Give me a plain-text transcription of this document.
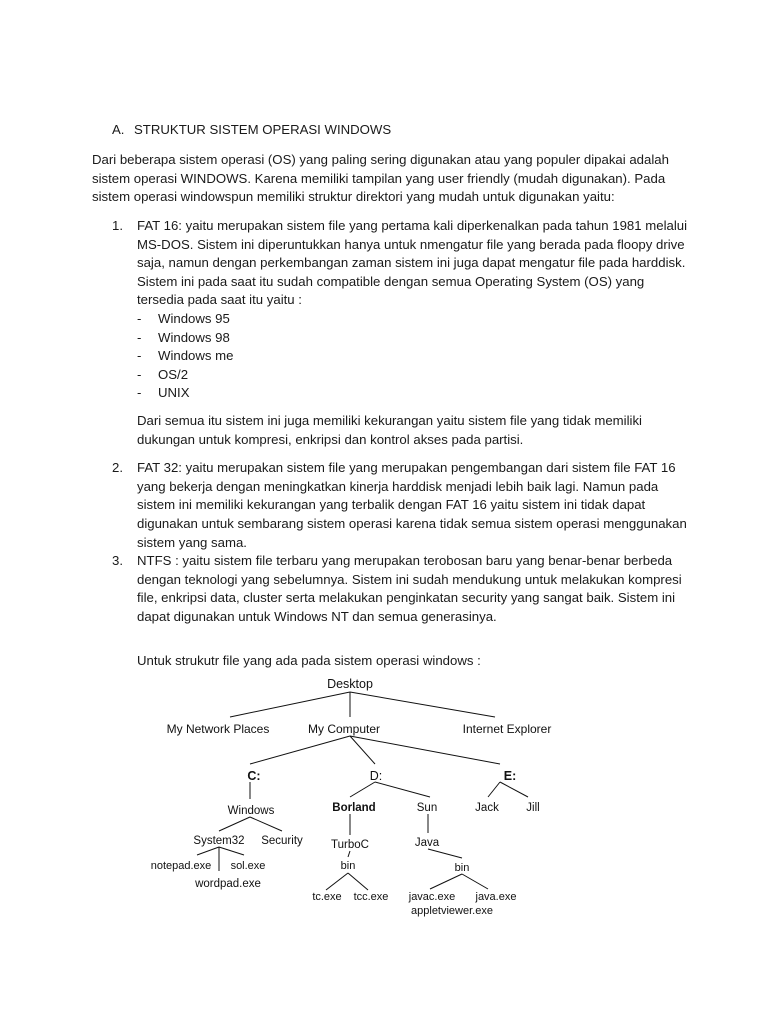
A. STRUKTUR SISTEM OPERASI WINDOWS
Dari beberapa sistem operasi (OS) yang paling sering digunakan atau yang populer dipakai adalah sistem operasi WINDOWS. Karena memiliki tampilan yang user friendly (mudah digunakan). Pada sistem operasi windowspun memiliki struktur direktori yang mudah untuk digunakan yaitu:
1. FAT 16: yaitu merupakan sistem file yang pertama kali diperkenalkan pada tahun 1981 melalui MS-DOS. Sistem ini diperuntukkan hanya untuk nmengatur file yang berada pada floopy drive saja, namun dengan perkembangan zaman sistem ini juga dapat mengatur file pada harddisk. Sistem ini pada saat itu sudah compatible dengan semua Operating System (OS) yang tersedia pada saat itu yaitu :
- Windows 95
- Windows 98
- Windows me
- OS/2
- UNIX
Dari semua itu sistem ini juga memiliki kekurangan yaitu sistem file yang tidak memiliki dukungan untuk kompresi, enkripsi dan kontrol akses pada partisi.
2. FAT 32: yaitu merupakan sistem file yang merupakan pengembangan dari sistem file FAT 16 yang bekerja dengan meningkatkan kinerja harddisk menjadi lebih baik lagi. Namun pada sistem ini memiliki kekurangan yang terbalik dengan FAT 16 yaitu sistem ini tidak dapat digunakan untuk sembarang sistem operasi karena tidak semua sistem operasi menggunakan sistem yang sama.
3. NTFS : yaitu sistem file terbaru yang merupakan terobosan baru yang benar-benar berbeda dengan teknologi yang sebelumnya. Sistem ini sudah mendukung untuk melakukan kompresi file, enkripsi data, cluster serta melakukan penginkatan security yang sangat baik. Sistem ini dapat digunakan untuk Windows NT dan semua generasinya.
Untuk strukutr file yang ada pada sistem operasi windows :
Desktop
My Network Places	My Computer	Internet Explorer
C:	D:	E:
Windows	Borland	Sun	Jack Jill
System32 Security TurboC	Java
notepad.exe sol.exe
wordpad.exe
bin	bin
tc.exe tcc.exe javac.exe java.exe
appletviewer.exe
